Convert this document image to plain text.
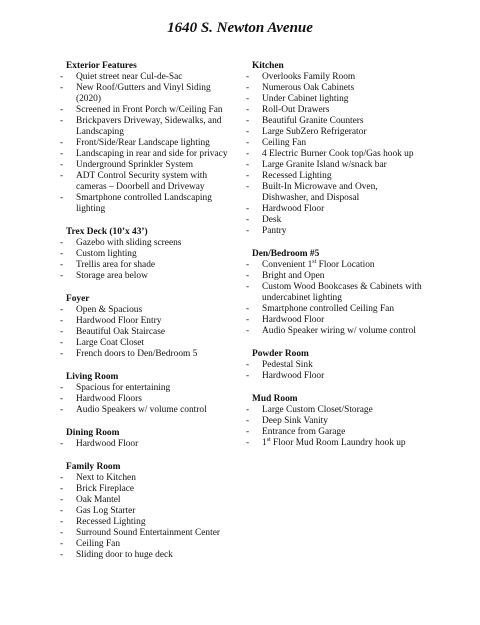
1640 S. Newton Avenue
Exterior Features
- Quiet street near Cul-de-Sac
- New Roof/Gutters and Vinyl Siding (2020)
- Screened in Front Porch w/Ceiling Fan
- Brickpavers Driveway, Sidewalks, and Landscaping
- Front/Side/Rear Landscape lighting
- Landscaping in rear and side for privacy
- Underground Sprinkler System
- ADT Control Security system with cameras – Doorbell and Driveway
- Smartphone controlled Landscaping lighting
Trex Deck (10’x 43’)
- Gazebo with sliding screens
- Custom lighting
- Trellis area for shade
- Storage area below
Foyer
- Open & Spacious
- Hardwood Floor Entry
- Beautiful Oak Staircase
- Large Coat Closet
- French doors to Den/Bedroom 5
Living Room
- Spacious for entertaining
- Hardwood Floors
- Audio Speakers w/ volume control
Dining Room
- Hardwood Floor
Family Room
- Next to Kitchen
- Brick Fireplace
- Oak Mantel
- Gas Log Starter
- Recessed Lighting
- Surround Sound Entertainment Center
- Ceiling Fan
- Sliding door to huge deck
Kitchen
- Overlooks Family Room
- Numerous Oak Cabinets
- Under Cabinet lighting
- Roll-Out Drawers
- Beautiful Granite Counters
- Large SubZero Refrigerator
- Ceiling Fan
- 4 Electric Burner Cook top/Gas hook up
- Large Granite Island w/snack bar
- Recessed Lighting
- Built-In Microwave and Oven, Dishwasher, and Disposal
- Hardwood Floor
- Desk
- Pantry
Den/Bedroom #5
- Convenient 1st Floor Location
- Bright and Open
- Custom Wood Bookcases & Cabinets with undercabinet lighting
- Smartphone controlled Ceiling Fan
- Hardwood Floor
- Audio Speaker wiring w/ volume control
Powder Room
- Pedestal Sink
- Hardwood Floor
Mud Room
- Large Custom Closet/Storage
- Deep Sink Vanity
- Entrance from Garage
- 1st Floor Mud Room Laundry hook up
